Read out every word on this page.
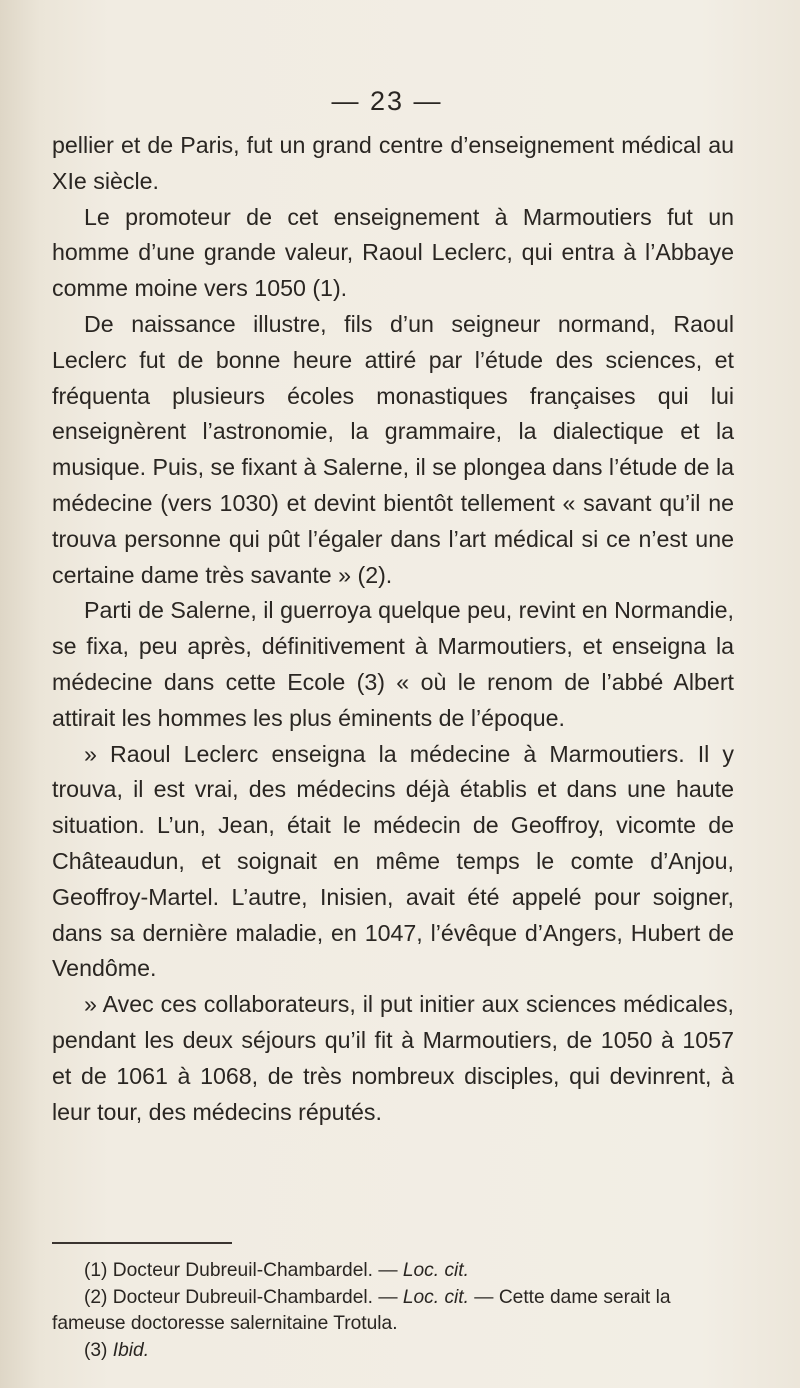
— 23 —

pellier et de Paris, fut un grand centre d’enseignement médical au XIe siècle.

Le promoteur de cet enseignement à Marmoutiers fut un homme d’une grande valeur, Raoul Leclerc, qui entra à l’Abbaye comme moine vers 1050 (1).

De naissance illustre, fils d’un seigneur normand, Raoul Leclerc fut de bonne heure attiré par l’étude des sciences, et fréquenta plusieurs écoles monastiques françaises qui lui enseignèrent l’astronomie, la grammaire, la dialectique et la musique. Puis, se fixant à Salerne, il se plongea dans l’étude de la médecine (vers 1030) et devint bientôt tellement « savant qu’il ne trouva personne qui pût l’égaler dans l’art médical si ce n’est une certaine dame très savante » (2).

Parti de Salerne, il guerroya quelque peu, revint en Normandie, se fixa, peu après, définitivement à Marmoutiers, et enseigna la médecine dans cette Ecole (3) « où le renom de l’abbé Albert attirait les hommes les plus éminents de l’époque.

» Raoul Leclerc enseigna la médecine à Marmoutiers. Il y trouva, il est vrai, des médecins déjà établis et dans une haute situation. L’un, Jean, était le médecin de Geoffroy, vicomte de Châteaudun, et soignait en même temps le comte d’Anjou, Geoffroy-Martel. L’autre, Inisien, avait été appelé pour soigner, dans sa dernière maladie, en 1047, l’évêque d’Angers, Hubert de Vendôme.

» Avec ces collaborateurs, il put initier aux sciences médicales, pendant les deux séjours qu’il fit à Marmoutiers, de 1050 à 1057 et de 1061 à 1068, de très nombreux disciples, qui devinrent, à leur tour, des médecins réputés.

(1) Docteur Dubreuil-Chambardel. — Loc. cit.

(2) Docteur Dubreuil-Chambardel. — Loc. cit. — Cette dame serait la fameuse doctoresse salernitaine Trotula.

(3) Ibid.
